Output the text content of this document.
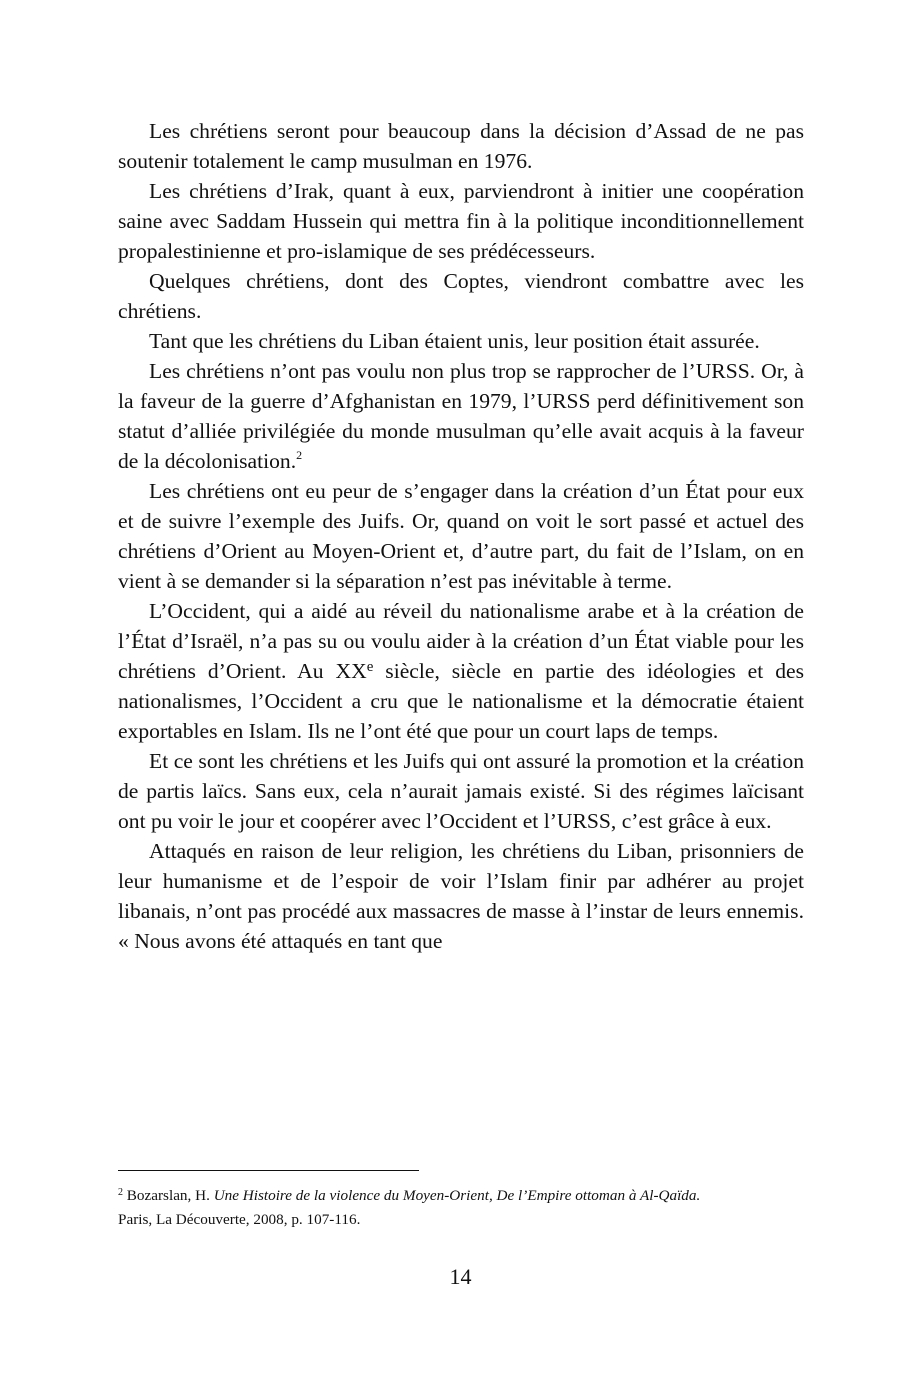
Les chrétiens seront pour beaucoup dans la décision d’Assad de ne pas soutenir totalement le camp musulman en 1976.

Les chrétiens d’Irak, quant à eux, parviendront à initier une coopération saine avec Saddam Hussein qui mettra fin à la politique inconditionnellement propalestinienne et pro-islamique de ses prédécesseurs.

Quelques chrétiens, dont des Coptes, viendront combattre avec les chrétiens.

Tant que les chrétiens du Liban étaient unis, leur position était assurée.

Les chrétiens n’ont pas voulu non plus trop se rapprocher de l’URSS. Or, à la faveur de la guerre d’Afghanistan en 1979, l’URSS perd définitivement son statut d’alliée privilégiée du monde musulman qu’elle avait acquis à la faveur de la décolonisation.$^2$

Les chrétiens ont eu peur de s’engager dans la création d’un État pour eux et de suivre l’exemple des Juifs. Or, quand on voit le sort passé et actuel des chrétiens d’Orient au Moyen-Orient et, d’autre part, du fait de l’Islam, on en vient à se demander si la séparation n’est pas inévitable à terme.

L’Occident, qui a aidé au réveil du nationalisme arabe et à la création de l’État d’Israël, n’a pas su ou voulu aider à la création d’un État viable pour les chrétiens d’Orient. Au XXe siècle, siècle en partie des idéologies et des nationalismes, l’Occident a cru que le nationalisme et la démocratie étaient exportables en Islam. Ils ne l’ont été que pour un court laps de temps.

Et ce sont les chrétiens et les Juifs qui ont assuré la promotion et la création de partis laïcs. Sans eux, cela n’aurait jamais existé. Si des régimes laïcisant ont pu voir le jour et coopérer avec l’Occident et l’URSS, c’est grâce à eux.

Attaqués en raison de leur religion, les chrétiens du Liban, prisonniers de leur humanisme et de l’espoir de voir l’Islam finir par adhérer au projet libanais, n’ont pas procédé aux massacres de masse à l’instar de leurs ennemis. « Nous avons été attaqués en tant que

$^2$ Bozarslan, H. Une Histoire de la violence du Moyen-Orient, De l’Empire ottoman à Al-Qaïda.
Paris, La Découverte, 2008, p. 107-116.

14
